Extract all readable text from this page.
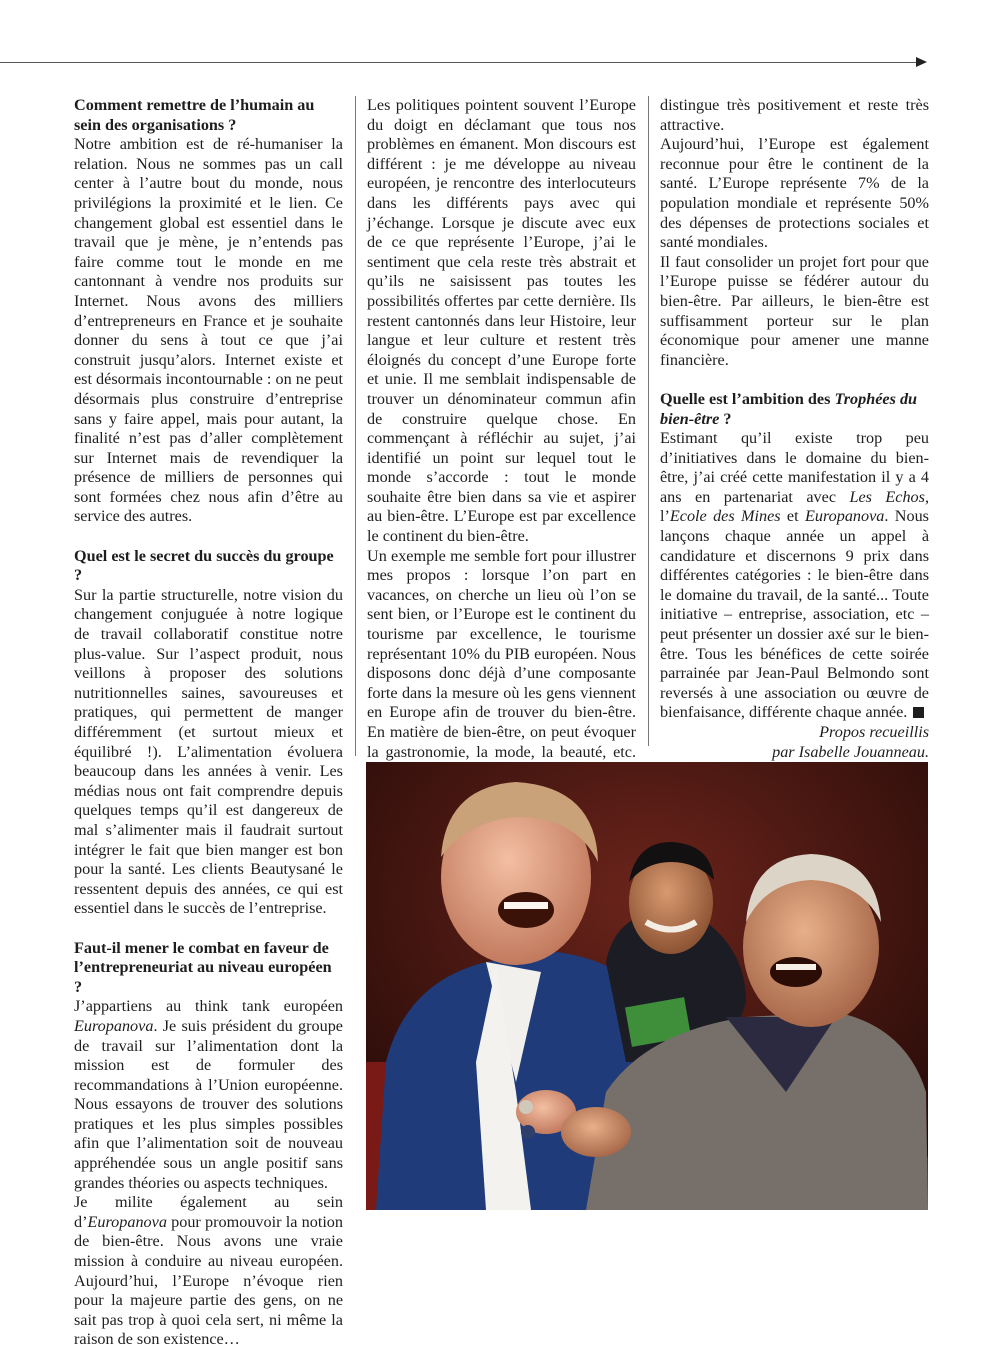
Comment remettre de l’humain au sein des organisations ?

Notre ambition est de ré-humaniser la relation. Nous ne sommes pas un call center à l’autre bout du monde, nous privilégions la proximité et le lien. Ce changement global est essentiel dans le travail que je mène, je n’entends pas faire comme tout le monde en me cantonnant à vendre nos produits sur Internet. Nous avons des milliers d’entrepreneurs en France et je souhaite donner du sens à tout ce que j’ai construit jusqu’alors. Internet existe et est désormais incontournable : on ne peut désormais plus construire d’entreprise sans y faire appel, mais pour autant, la finalité n’est pas d’aller complètement sur Internet mais de revendiquer la présence de milliers de personnes qui sont formées chez nous afin d’être au service des autres.

Quel est le secret du succès du groupe ?

Sur la partie structurelle, notre vision du changement conjuguée à notre logique de travail collaboratif constitue notre plus-value. Sur l’aspect produit, nous veillons à proposer des solutions nutritionnelles saines, savoureuses et pratiques, qui permettent de manger différemment (et surtout mieux et équilibré !). L’alimentation évoluera beaucoup dans les années à venir. Les médias nous ont fait comprendre depuis quelques temps qu’il est dangereux de mal s’alimenter mais il faudrait surtout intégrer le fait que bien manger est bon pour la santé. Les clients Beautysané le ressentent depuis des années, ce qui est essentiel dans le succès de l’entreprise.

Faut-il mener le combat en faveur de l’entrepreneuriat au niveau européen ?

J’appartiens au think tank européen Europanova. Je suis président du groupe de travail sur l’alimentation dont la mission est de formuler des recommandations à l’Union européenne. Nous essayons de trouver des solutions pratiques et les plus simples possibles afin que l’alimentation soit de nouveau appréhendée sous un angle positif sans grandes théories ou aspects techniques.

Je milite également au sein d’Europanova pour promouvoir la notion de bien-être. Nous avons une vraie mission à conduire au niveau européen. Aujourd’hui, l’Europe n’évoque rien pour la majeure partie des gens, on ne sait pas trop à quoi cela sert, ni même la raison de son existence…

Les politiques pointent souvent l’Europe du doigt en déclamant que tous nos problèmes en émanent. Mon discours est différent : je me développe au niveau européen, je rencontre des interlocuteurs dans les différents pays avec qui j’échange. Lorsque je discute avec eux de ce que représente l’Europe, j’ai le sentiment que cela reste très abstrait et qu’ils ne saisissent pas toutes les possibilités offertes par cette dernière. Ils restent cantonnés dans leur Histoire, leur langue et leur culture et restent très éloignés du concept d’une Europe forte et unie. Il me semblait indispensable de trouver un dénominateur commun afin de construire quelque chose. En commençant à réfléchir au sujet, j’ai identifié un point sur lequel tout le monde s’accorde : tout le monde souhaite être bien dans sa vie et aspirer au bien-être. L’Europe est par excellence le continent du bien-être.

Un exemple me semble fort pour illustrer mes propos : lorsque l’on part en vacances, on cherche un lieu où l’on se sent bien, or l’Europe est le continent du tourisme par excellence, le tourisme représentant 10% du PIB européen. Nous disposons donc déjà d’une composante forte dans la mesure où les gens viennent en Europe afin de trouver du bien-être. En matière de bien-être, on peut évoquer la gastronomie, la mode, la beauté, etc.

distingue très positivement et reste très attractive.

Aujourd’hui, l’Europe est également reconnue pour être le continent de la santé. L’Europe représente 7% de la population mondiale et représente 50% des dépenses de protections sociales et santé mondiales.

Il faut consolider un projet fort pour que l’Europe puisse se fédérer autour du bien-être. Par ailleurs, le bien-être est suffisamment porteur sur le plan économique pour amener une manne financière.

Quelle est l’ambition des Trophées du bien-être ?

Estimant qu’il existe trop peu d’initiatives dans le domaine du bien-être, j’ai créé cette manifestation il y a 4 ans en partenariat avec Les Echos, l’Ecole des Mines et Europanova. Nous lançons chaque année un appel à candidature et discernons 9 prix dans différentes catégories : le bien-être dans le domaine du travail, de la santé... Toute initiative – entreprise, association, etc – peut présenter un dossier axé sur le bien-être. Tous les bénéfices de cette soirée parrainée par Jean-Paul Belmondo sont reversés à une association ou œuvre de bienfaisance, différente chaque année.

Propos recueillis

par Isabelle Jouanneau.
